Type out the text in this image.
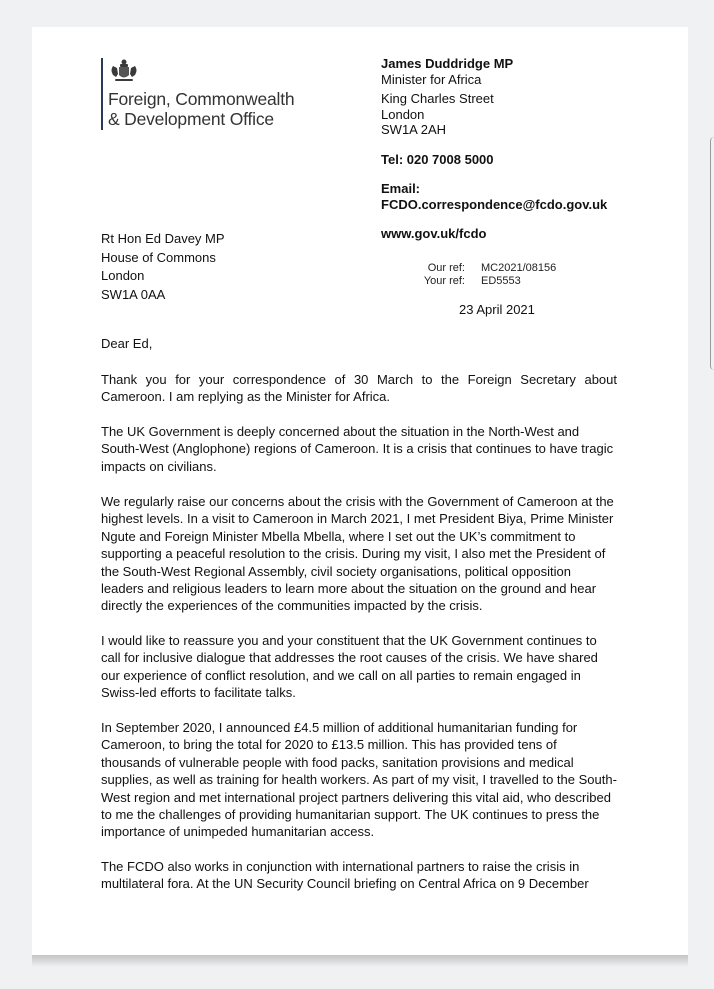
Foreign, Commonwealth
& Development Office
James Duddridge MP
Minister for Africa
King Charles Street
London
SW1A 2AH
Tel: 020 7008 5000
Email:
FCDO.correspondence@fcdo.gov.uk
www.gov.uk/fcdo
Rt Hon Ed Davey MP
House of Commons
London
SW1A 0AA
Our ref: MC2021/08156
Your ref: ED5553
23 April 2021
Dear Ed,
Thank you for your correspondence of 30 March to the Foreign Secretary about Cameroon. I am replying as the Minister for Africa.
The UK Government is deeply concerned about the situation in the North-West and South-West (Anglophone) regions of Cameroon. It is a crisis that continues to have tragic impacts on civilians.
We regularly raise our concerns about the crisis with the Government of Cameroon at the highest levels. In a visit to Cameroon in March 2021, I met President Biya, Prime Minister Ngute and Foreign Minister Mbella Mbella, where I set out the UK’s commitment to supporting a peaceful resolution to the crisis. During my visit, I also met the President of the South-West Regional Assembly, civil society organisations, political opposition leaders and religious leaders to learn more about the situation on the ground and hear directly the experiences of the communities impacted by the crisis.
I would like to reassure you and your constituent that the UK Government continues to call for inclusive dialogue that addresses the root causes of the crisis. We have shared our experience of conflict resolution, and we call on all parties to remain engaged in Swiss-led efforts to facilitate talks.
In September 2020, I announced £4.5 million of additional humanitarian funding for Cameroon, to bring the total for 2020 to £13.5 million. This has provided tens of thousands of vulnerable people with food packs, sanitation provisions and medical supplies, as well as training for health workers. As part of my visit, I travelled to the South-West region and met international project partners delivering this vital aid, who described to me the challenges of providing humanitarian support. The UK continues to press the importance of unimpeded humanitarian access.
The FCDO also works in conjunction with international partners to raise the crisis in multilateral fora. At the UN Security Council briefing on Central Africa on 9 December
